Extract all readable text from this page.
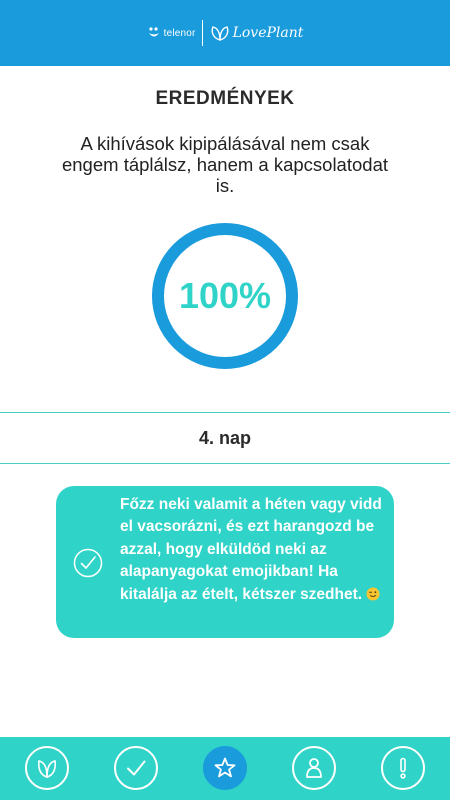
telenor	LovePlant
EREDMÉNYEK

A kihívások kipipálásával nem csak engem táplálsz, hanem a kapcsolatodat is.

100%
4. nap
Főzz neki valamit a héten vagy vidd el vacsorázni, és ezt harangozd be azzal, hogy elküldöd neki az alapanyagokat emojikban! Ha kitalálja az ételt, kétszer szedhet.
